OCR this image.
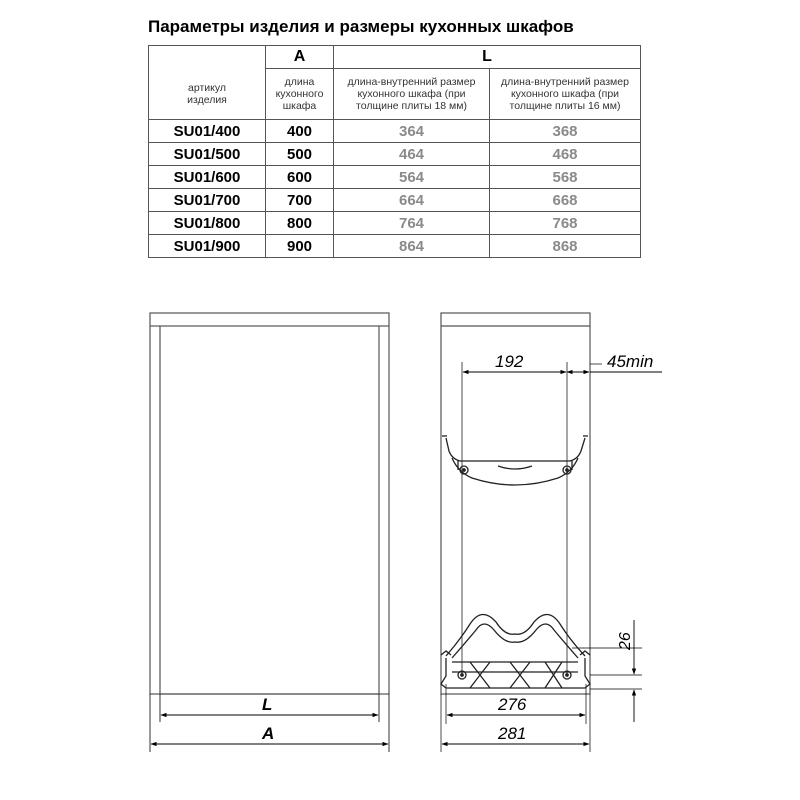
Параметры изделия и размеры кухонных шкафов
	A	L	

артикул изделия	длина кухонного шкафа	длина-внутренний размер кухонного шкафа (при толщине плиты 18 мм)	длина-внутренний размер кухонного шкафа (при толщине плиты 16 мм)

SU01/400	400	364	368
SU01/500	500	464	468
SU01/600	600	564	568
SU01/700	700	664	668
SU01/800	800	764	768
SU01/900	900	864	868
L
A
192	45min
276
281
26
